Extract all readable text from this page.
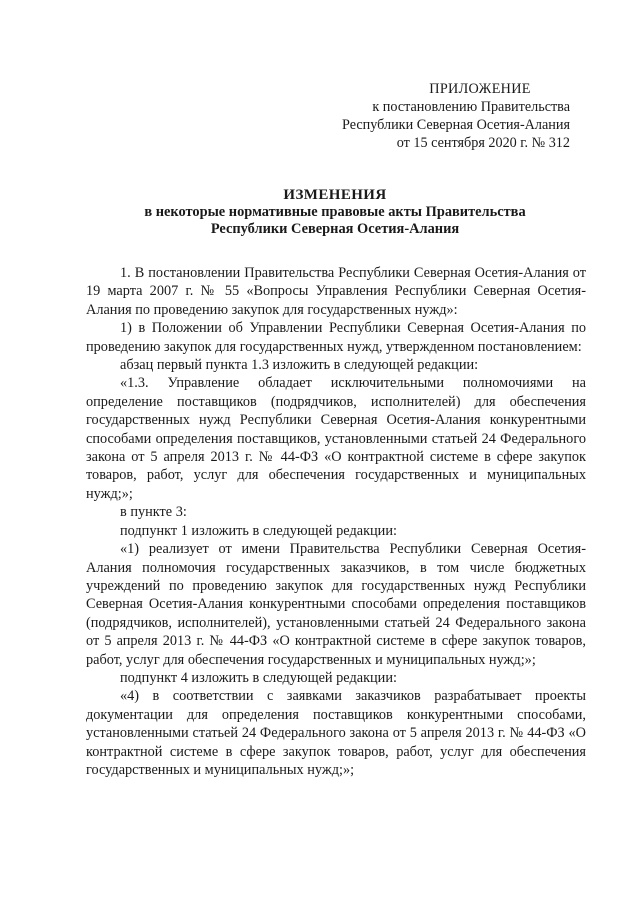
ПРИЛОЖЕНИЕ
к постановлению Правительства
Республики Северная Осетия-Алания
от 15 сентября 2020 г. № 312
ИЗМЕНЕНИЯ
в некоторые нормативные правовые акты Правительства
Республики Северная Осетия-Алания

1. В постановлении Правительства Республики Северная Осетия-Алания от 19 марта 2007 г. № 55 «Вопросы Управления Республики Северная Осетия-Алания по проведению закупок для государственных нужд»:

1) в Положении об Управлении Республики Северная Осетия-Алания по проведению закупок для государственных нужд, утвержденном постановлением:

абзац первый пункта 1.3 изложить в следующей редакции:

«1.3. Управление обладает исключительными полномочиями на определение поставщиков (подрядчиков, исполнителей) для обеспечения государственных нужд Республики Северная Осетия-Алания конкурентными способами определения поставщиков, установленными статьей 24 Федерального закона от 5 апреля 2013 г. № 44-ФЗ «О контрактной системе в сфере закупок товаров, работ, услуг для обеспечения государственных и муниципальных нужд;»;

в пункте 3:

подпункт 1 изложить в следующей редакции:

«1) реализует от имени Правительства Республики Северная Осетия-Алания полномочия государственных заказчиков, в том числе бюджетных учреждений по проведению закупок для государственных нужд Республики Северная Осетия-Алания конкурентными способами определения поставщиков (подрядчиков, исполнителей), установленными статьей 24 Федерального закона от 5 апреля 2013 г. № 44-ФЗ «О контрактной системе в сфере закупок товаров, работ, услуг для обеспечения государственных и муниципальных нужд;»;

подпункт 4 изложить в следующей редакции:

«4) в соответствии с заявками заказчиков разрабатывает проекты документации для определения поставщиков конкурентными способами, установленными статьей 24 Федерального закона от 5 апреля 2013 г. № 44-ФЗ «О контрактной системе в сфере закупок товаров, работ, услуг для обеспечения государственных и муниципальных нужд;»;
